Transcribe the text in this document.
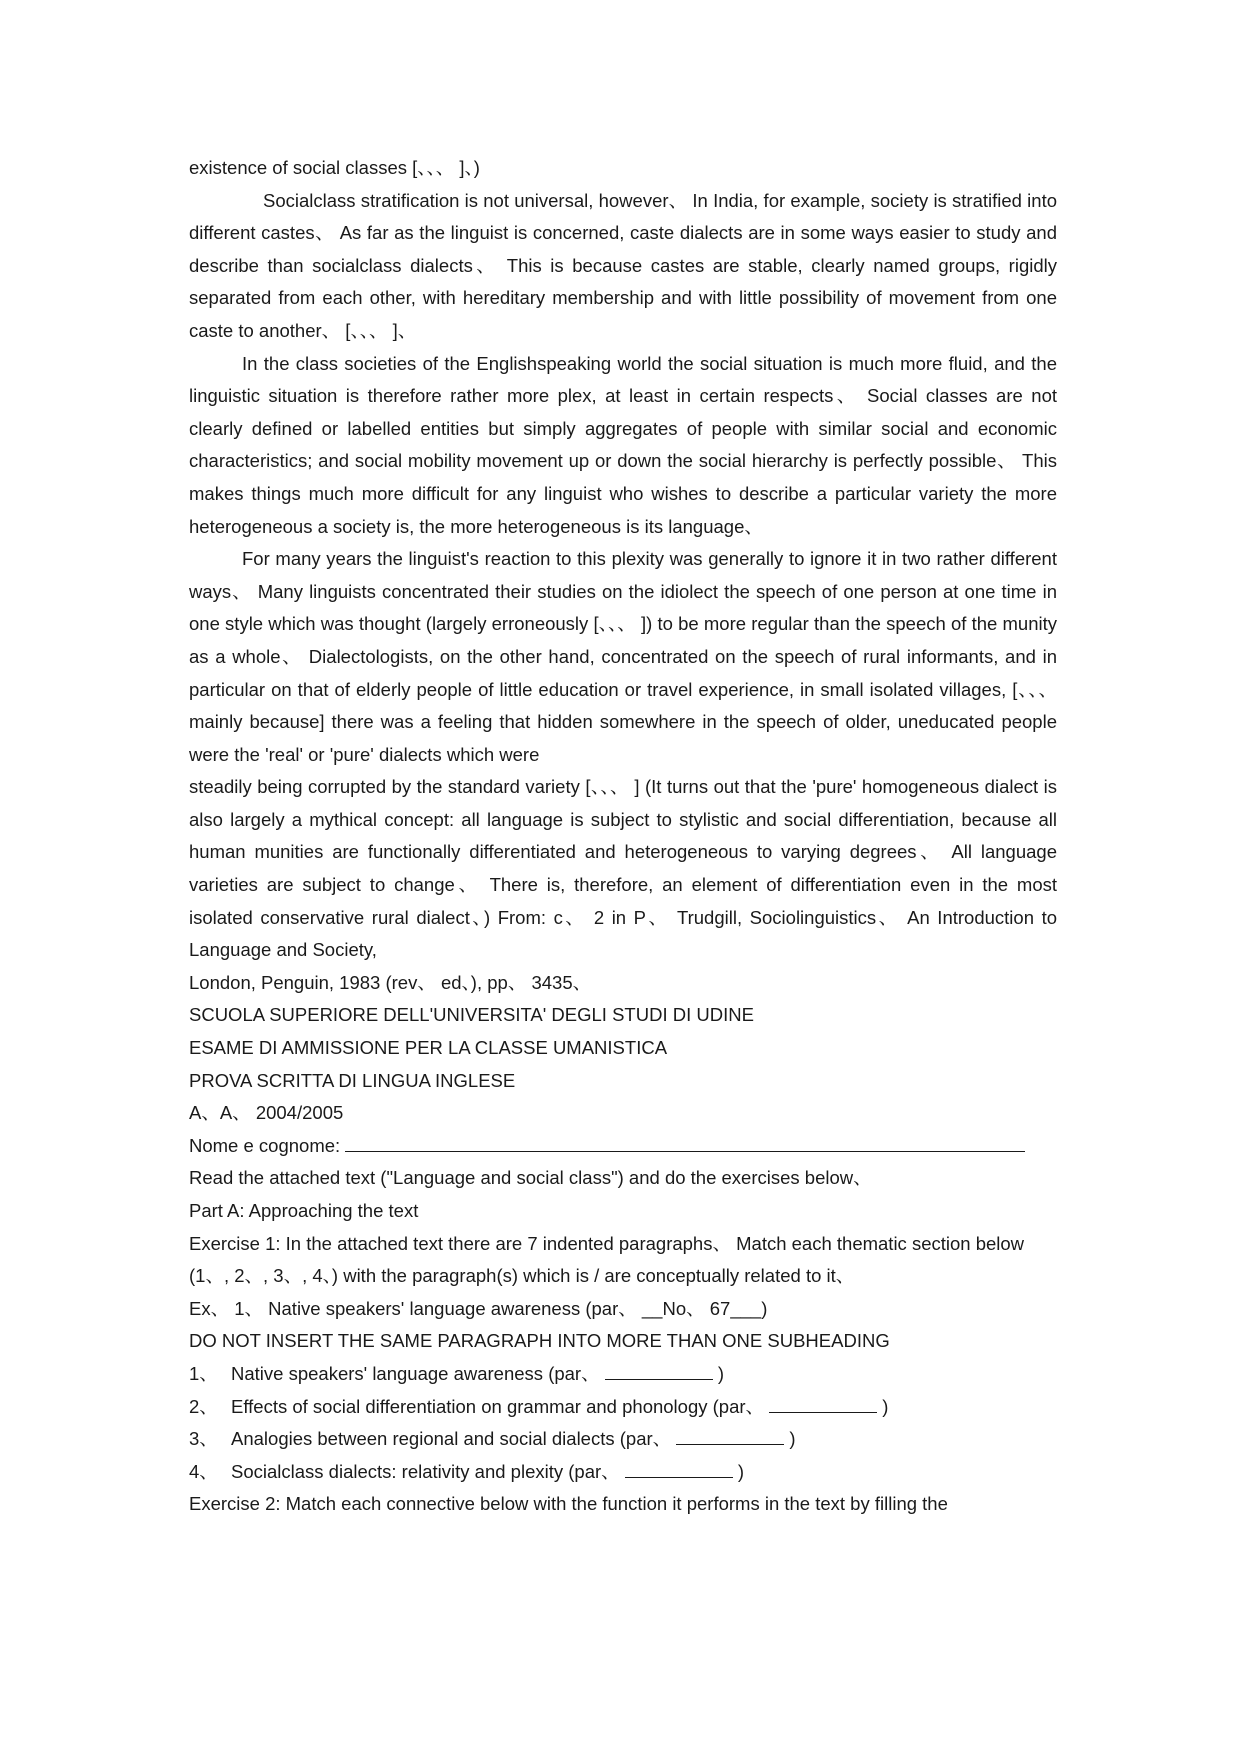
existence of social classes [、、、 ]、)

Socialclass stratification is not universal, however、 In India, for example, society is stratified into different castes、 As far as the linguist is concerned, caste dialects are in some ways easier to study and describe than socialclass dialects、 This is because castes are stable, clearly named groups, rigidly separated from each other, with hereditary membership and with little possibility of movement from one caste to another、 [、、、 ]、

In the class societies of the Englishspeaking world the social situation is much more fluid, and the linguistic situation is therefore rather more plex, at least in certain respects、 Social classes are not clearly defined or labelled entities but simply aggregates of people with similar social and economic characteristics; and social mobility movement up or down the social hierarchy is perfectly possible、 This makes things much more difficult for any linguist who wishes to describe a particular variety the more heterogeneous a society is, the more heterogeneous is its language、

For many years the linguist's reaction to this plexity was generally to ignore it in two rather different ways、 Many linguists concentrated their studies on the idiolect the speech of one person at one time in one style which was thought (largely erroneously [、、、 ]) to be more regular than the speech of the munity as a whole、 Dialectologists, on the other hand, concentrated on the speech of rural informants, and in particular on that of elderly people of little education or travel experience, in small isolated villages, [、、、 mainly because] there was a feeling that hidden somewhere in the speech of older, uneducated people were the 'real' or 'pure' dialects which were

steadily being corrupted by the standard variety [、、、 ] (It turns out that the 'pure' homogeneous dialect is also largely a mythical concept: all language is subject to stylistic and social differentiation, because all human munities are functionally differentiated and heterogeneous to varying degrees、 All language varieties are subject to change、 There is, therefore, an element of differentiation even in the most isolated conservative rural dialect、) From: c、 2 in P、 Trudgill, Sociolinguistics、 An Introduction to Language and Society,

London, Penguin, 1983 (rev、 ed、), pp、 3435、

SCUOLA SUPERIORE DELL'UNIVERSITA' DEGLI STUDI DI UDINE

ESAME DI AMMISSIONE PER LA CLASSE UMANISTICA

PROVA SCRITTA DI LINGUA INGLESE

A、A、 2004/2005

Nome e cognome:

Read the attached text ("Language and social class") and do the exercises below、

Part A: Approaching the text

Exercise 1: In the attached text there are 7 indented paragraphs、 Match each thematic section below (1、, 2、, 3、, 4、) with the paragraph(s) which is / are conceptually related to it、

Ex、 1、 Native speakers' language awareness (par、 __No、 67___)

DO NOT INSERT THE SAME PARAGRAPH INTO MORE THAN ONE SUBHEADING

1、 Native speakers' language awareness (par、	)

2、 Effects of social differentiation on grammar and phonology (par、	)

3、 Analogies between regional and social dialects (par、	)

4、 Socialclass dialects: relativity and plexity (par、	)

Exercise 2: Match each connective below with the function it performs in the text by filling the
